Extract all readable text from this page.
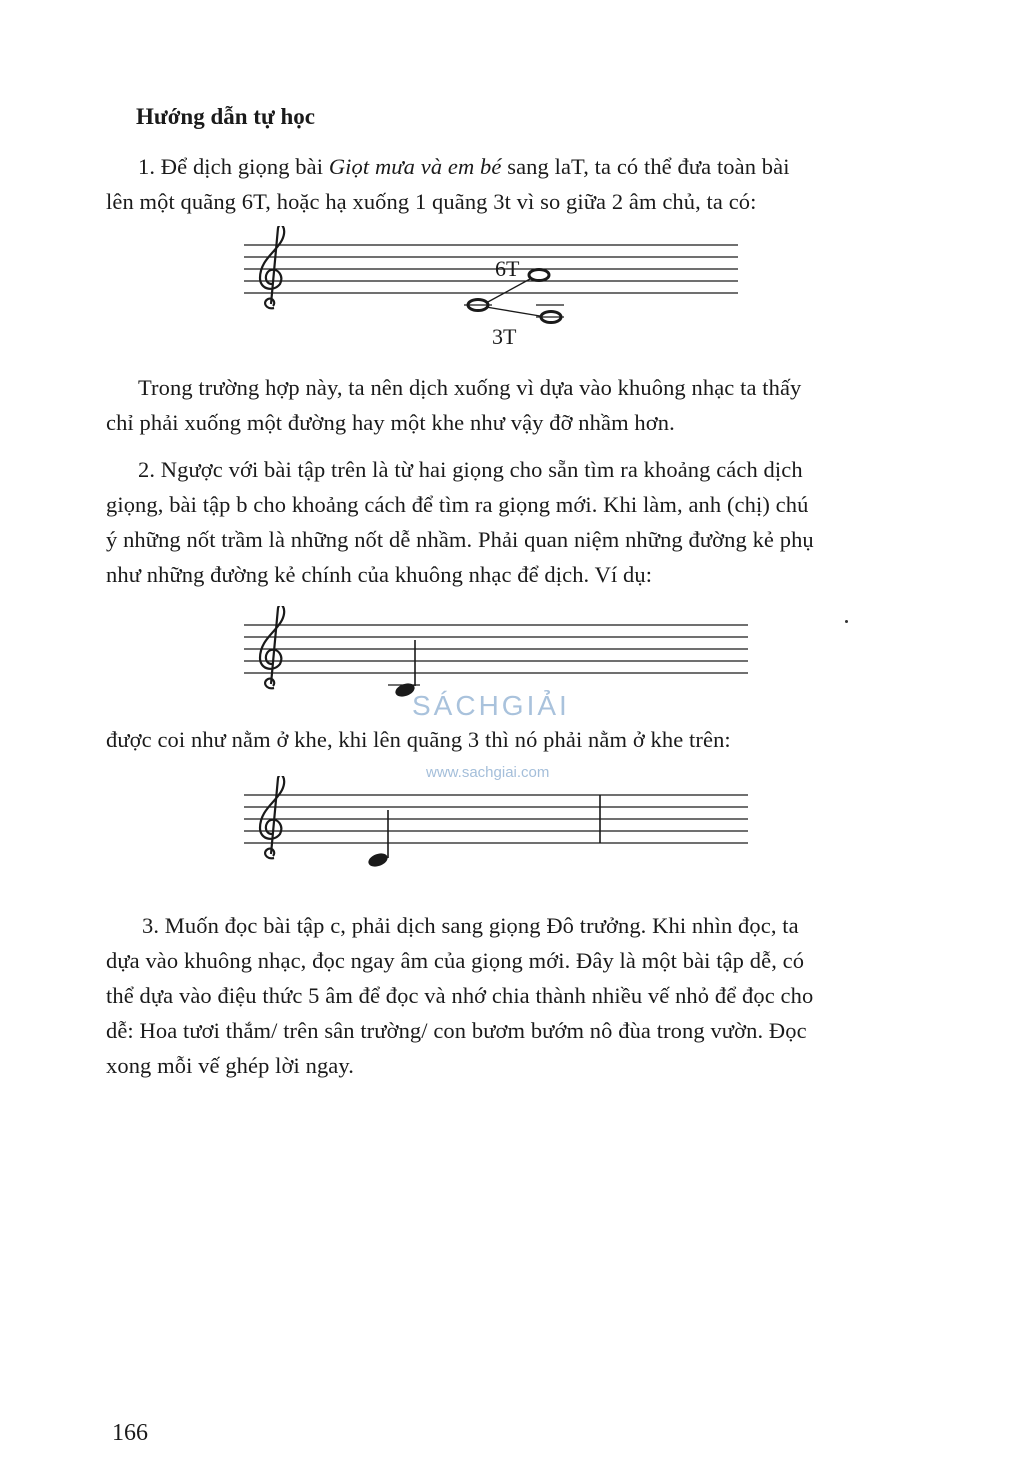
Hướng dẫn tự học
1. Để dịch giọng bài Giọt mưa và em bé sang laT, ta có thể đưa toàn bài
lên một quãng 6T, hoặc hạ xuống 1 quãng 3t vì so giữa 2 âm chủ, ta có:
6T
3T
Trong trường hợp này, ta nên dịch xuống vì dựa vào khuông nhạc ta thấy
chỉ phải xuống một đường hay một khe như vậy đỡ nhầm hơn.
2. Ngược với bài tập trên là từ hai giọng cho sẵn tìm ra khoảng cách dịch
giọng, bài tập b cho khoảng cách để tìm ra giọng mới. Khi làm, anh (chị) chú
ý những nốt trầm là những nốt dễ nhầm. Phải quan niệm những đường kẻ phụ
như những đường kẻ chính của khuông nhạc để dịch. Ví dụ:
được coi như nằm ở khe, khi lên quãng 3 thì nó phải nằm ở khe trên:
SÁCHGIẢI
www.sachgiai.com
3. Muốn đọc bài tập c, phải dịch sang giọng Đô trưởng. Khi nhìn đọc, ta
dựa vào khuông nhạc, đọc ngay âm của giọng mới. Đây là một bài tập dễ, có
thể dựa vào điệu thức 5 âm để đọc và nhớ chia thành nhiều vế nhỏ để đọc cho
dễ: Hoa tươi thắm/ trên sân trường/ con bươm bướm nô đùa trong vườn. Đọc
xong mỗi vế ghép lời ngay.
166
